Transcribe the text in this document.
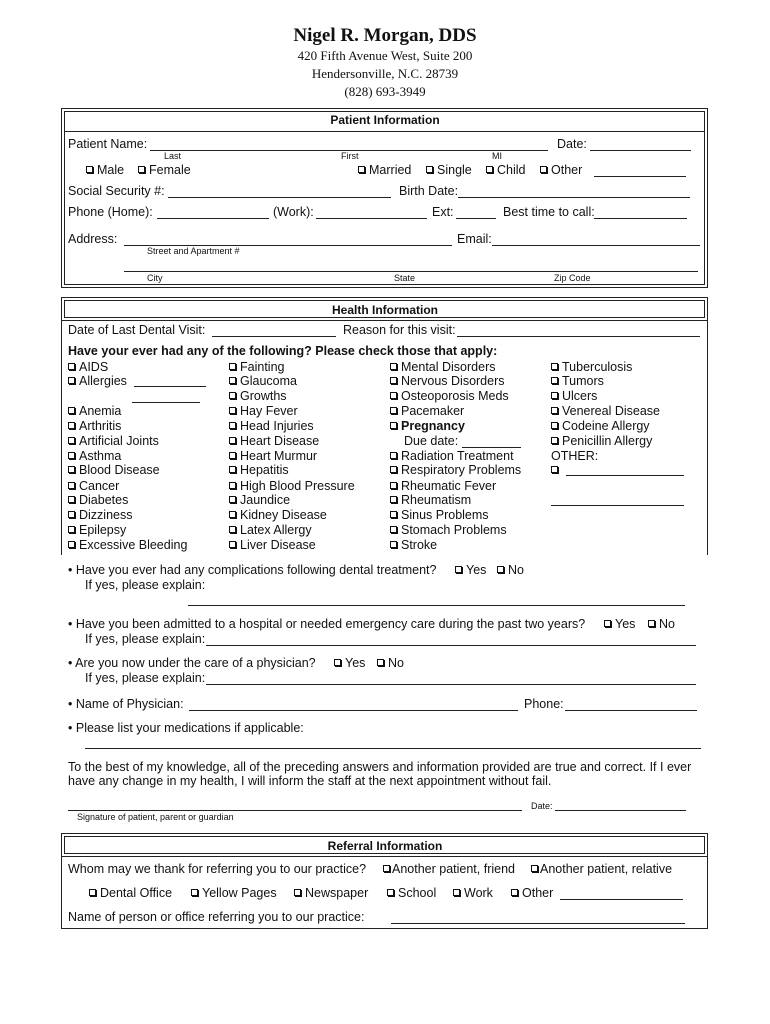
Nigel R. Morgan, DDS
420 Fifth Avenue West, Suite 200
Hendersonville, N.C. 28739
(828) 693-3949
Patient Information
Patient Name:	Date:
Last	First	MI
Male	Female	Married	Single	Child	Other
Social Security #:	Birth Date:
Phone (Home):	(Work):	Ext:	Best time to call:
Address:	Email:
Street and Apartment #
City	State	Zip Code
Health Information
Date of Last Dental Visit:	Reason for this visit:
Have your ever had any of the following? Please check those that apply:
AIDS
Allergies
Anemia
Arthritis
Artificial Joints
Asthma
Blood Disease
Cancer
Diabetes
Dizziness
Epilepsy
Excessive Bleeding
Fainting
Glaucoma
Growths
Hay Fever
Head Injuries
Heart Disease
Heart Murmur
Hepatitis
High Blood Pressure
Jaundice
Kidney Disease
Latex Allergy
Liver Disease
Mental Disorders
Nervous Disorders
Osteoporosis Meds
Pacemaker
Pregnancy
Due date:
Radiation Treatment
Respiratory Problems
Rheumatic Fever
Rheumatism
Sinus Problems
Stomach Problems
Stroke
Tuberculosis
Tumors
Ulcers
Venereal Disease
Codeine Allergy
Penicillin Allergy
OTHER:
• Have you ever had any complications following dental treatment?	Yes	No
If yes, please explain:
• Have you been admitted to a hospital or needed emergency care during the past two years?	Yes	No
If yes, please explain:
• Are you now under the care of a physician?	Yes	No
If yes, please explain:
• Name of Physician:	Phone:
• Please list your medications if applicable:
To the best of my knowledge, all of the preceding answers and information provided are true and correct. If I ever
have any change in my health, I will inform the staff at the next appointment without fail.
Date:
Signature of patient, parent or guardian
Referral Information
Whom may we thank for referring you to our practice?	Another patient, friend	Another patient, relative
Dental Office	Yellow Pages	Newspaper	School	Work	Other
Name of person or office referring you to our practice:
